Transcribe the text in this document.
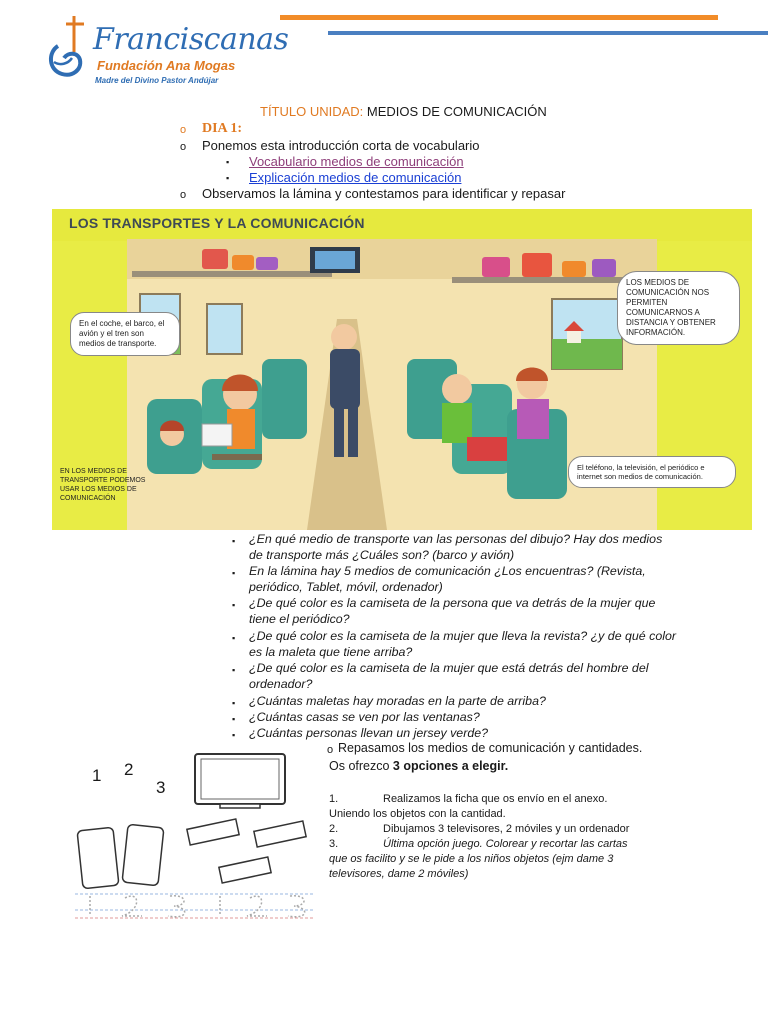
Franciscanas
Fundación Ana Mogas
Madre del Divino Pastor Andújar
TÍTULO UNIDAD: MEDIOS DE COMUNICACIÓN
o DIA 1:
o Ponemos esta introducción corta de vocabulario
▪ Vocabulario medios de comunicación
▪ Explicación medios de comunicación
o Observamos la lámina y contestamos para identificar y repasar
LOS TRANSPORTES Y LA COMUNICACIÓN
En el coche, el barco, el avión y el tren son medios de transporte.
LOS MEDIOS DE COMUNICACIÓN NOS PERMITEN COMUNICARNOS A DISTANCIA Y OBTENER INFORMACIÓN.
EN LOS MEDIOS DE TRANSPORTE PODEMOS USAR LOS MEDIOS DE COMUNICACIÓN
El teléfono, la televisión, el periódico e internet son medios de comunicación.
▪ ¿En qué medio de transporte van las personas del dibujo? Hay dos medios de transporte más ¿Cuáles son? (barco y avión)
▪ En la lámina hay 5 medios de comunicación ¿Los encuentras? (Revista, periódico, Tablet, móvil, ordenador)
▪ ¿De qué color es la camiseta de la persona que va detrás de la mujer que tiene el periódico?
▪ ¿De qué color es la camiseta de la mujer que lleva la revista? ¿y de qué color es la maleta que tiene arriba?
▪ ¿De qué color es la camiseta de la mujer que está detrás del hombre del ordenador?
▪ ¿Cuántas maletas hay moradas en la parte de arriba?
▪ ¿Cuántas casas se ven por las ventanas?
▪ ¿Cuántas personas llevan un jersey verde?
1 2
3
o Repasamos los medios de comunicación y cantidades.
Os ofrezco 3 opciones a elegir.
1.	Realizamos la ficha que os envío en el anexo.
Uniendo los objetos con la cantidad.
2.	Dibujamos 3 televisores, 2 móviles y un ordenador
3.	Última opción juego. Colorear y recortar las cartas
que os facilito y se le pide a los niños objetos (ejm dame 3
televisores, dame 2 móviles)
